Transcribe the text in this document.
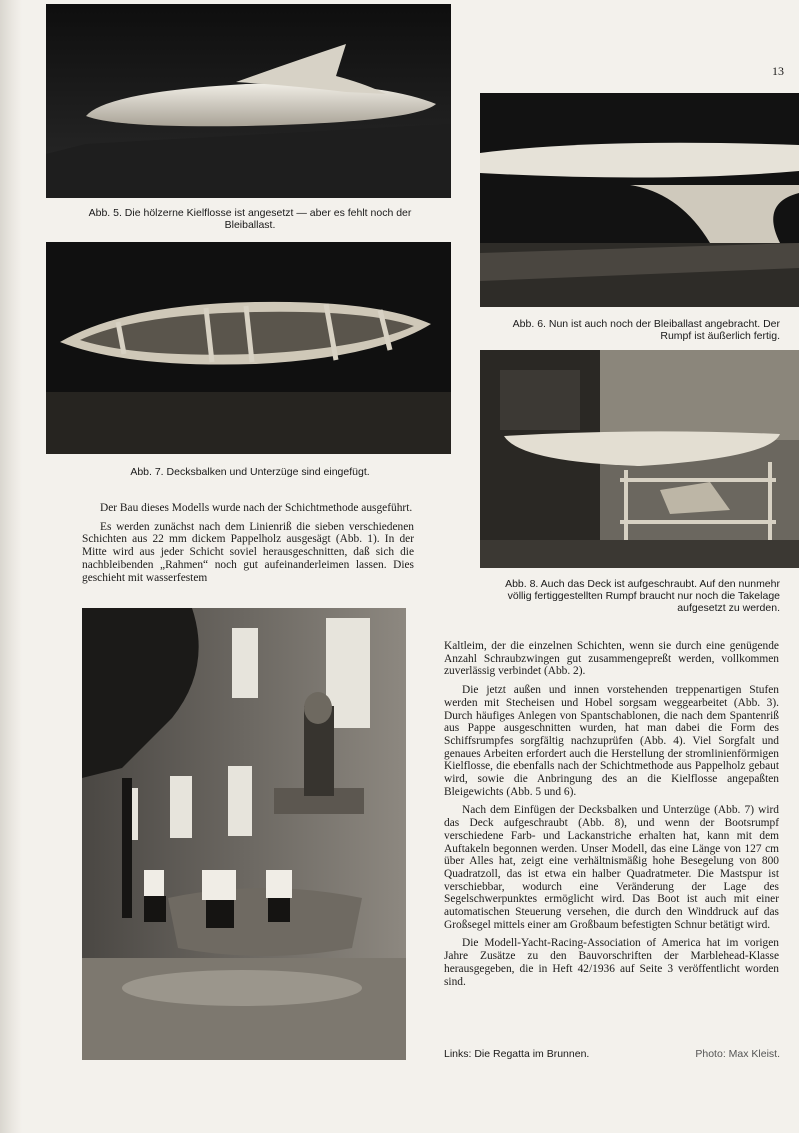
13

Abb. 5. Die hölzerne Kielflosse ist angesetzt — aber es fehlt noch der Bleiballast.

Abb. 6. Nun ist auch noch der Bleiballast angebracht. Der Rumpf ist äußerlich fertig.

Abb. 7. Decksbalken und Unterzüge sind eingefügt.

Abb. 8. Auch das Deck ist aufgeschraubt. Auf den nunmehr völlig fertiggestellten Rumpf braucht nur noch die Takelage aufgesetzt zu werden.

Der Bau dieses Modells wurde nach der Schichtmethode ausgeführt.

Es werden zunächst nach dem Linienriß die sieben verschiedenen Schichten aus 22 mm dickem Pappelholz ausgesägt (Abb. 1). In der Mitte wird aus jeder Schicht soviel herausgeschnitten, daß sich die nachbleibenden „Rahmen“ noch gut aufeinanderleimen lassen. Dies geschieht mit wasserfestem

Kaltleim, der die einzelnen Schichten, wenn sie durch eine genügende Anzahl Schraubzwingen gut zusammengepreßt werden, vollkommen zuverlässig verbindet (Abb. 2).

Die jetzt außen und innen vorstehenden treppenartigen Stufen werden mit Stecheisen und Hobel sorgsam weggearbeitet (Abb. 3). Durch häufiges Anlegen von Spantschablonen, die nach dem Spantenriß aus Pappe ausgeschnitten wurden, hat man dabei die Form des Schiffsrumpfes sorgfältig nachzuprüfen (Abb. 4). Viel Sorgfalt und genaues Arbeiten erfordert auch die Herstellung der stromlinienförmigen Kielflosse, die ebenfalls nach der Schichtmethode aus Pappelholz gebaut wird, sowie die Anbringung des an die Kielflosse angepaßten Bleigewichts (Abb. 5 und 6).

Nach dem Einfügen der Decksbalken und Unterzüge (Abb. 7) wird das Deck aufgeschraubt (Abb. 8), und wenn der Bootsrumpf verschiedene Farb- und Lackanstriche erhalten hat, kann mit dem Auftakeln begonnen werden. Unser Modell, das eine Länge von 127 cm über Alles hat, zeigt eine verhältnismäßig hohe Besegelung von 800 Quadratzoll, das ist etwa ein halber Quadratmeter. Die Mastspur ist verschiebbar, wodurch eine Veränderung der Lage des Segelschwerpunktes ermöglicht wird. Das Boot ist auch mit einer automatischen Steuerung versehen, die durch den Winddruck auf das Großsegel mittels einer am Großbaum befestigten Schnur betätigt wird.

Die Modell-Yacht-Racing-Association of America hat im vorigen Jahre Zusätze zu den Bauvorschriften der Marblehead-Klasse herausgegeben, die in Heft 42/1936 auf Seite 3 veröffentlicht worden sind.

Links: Die Regatta im Brunnen.	Photo: Max Kleist.
